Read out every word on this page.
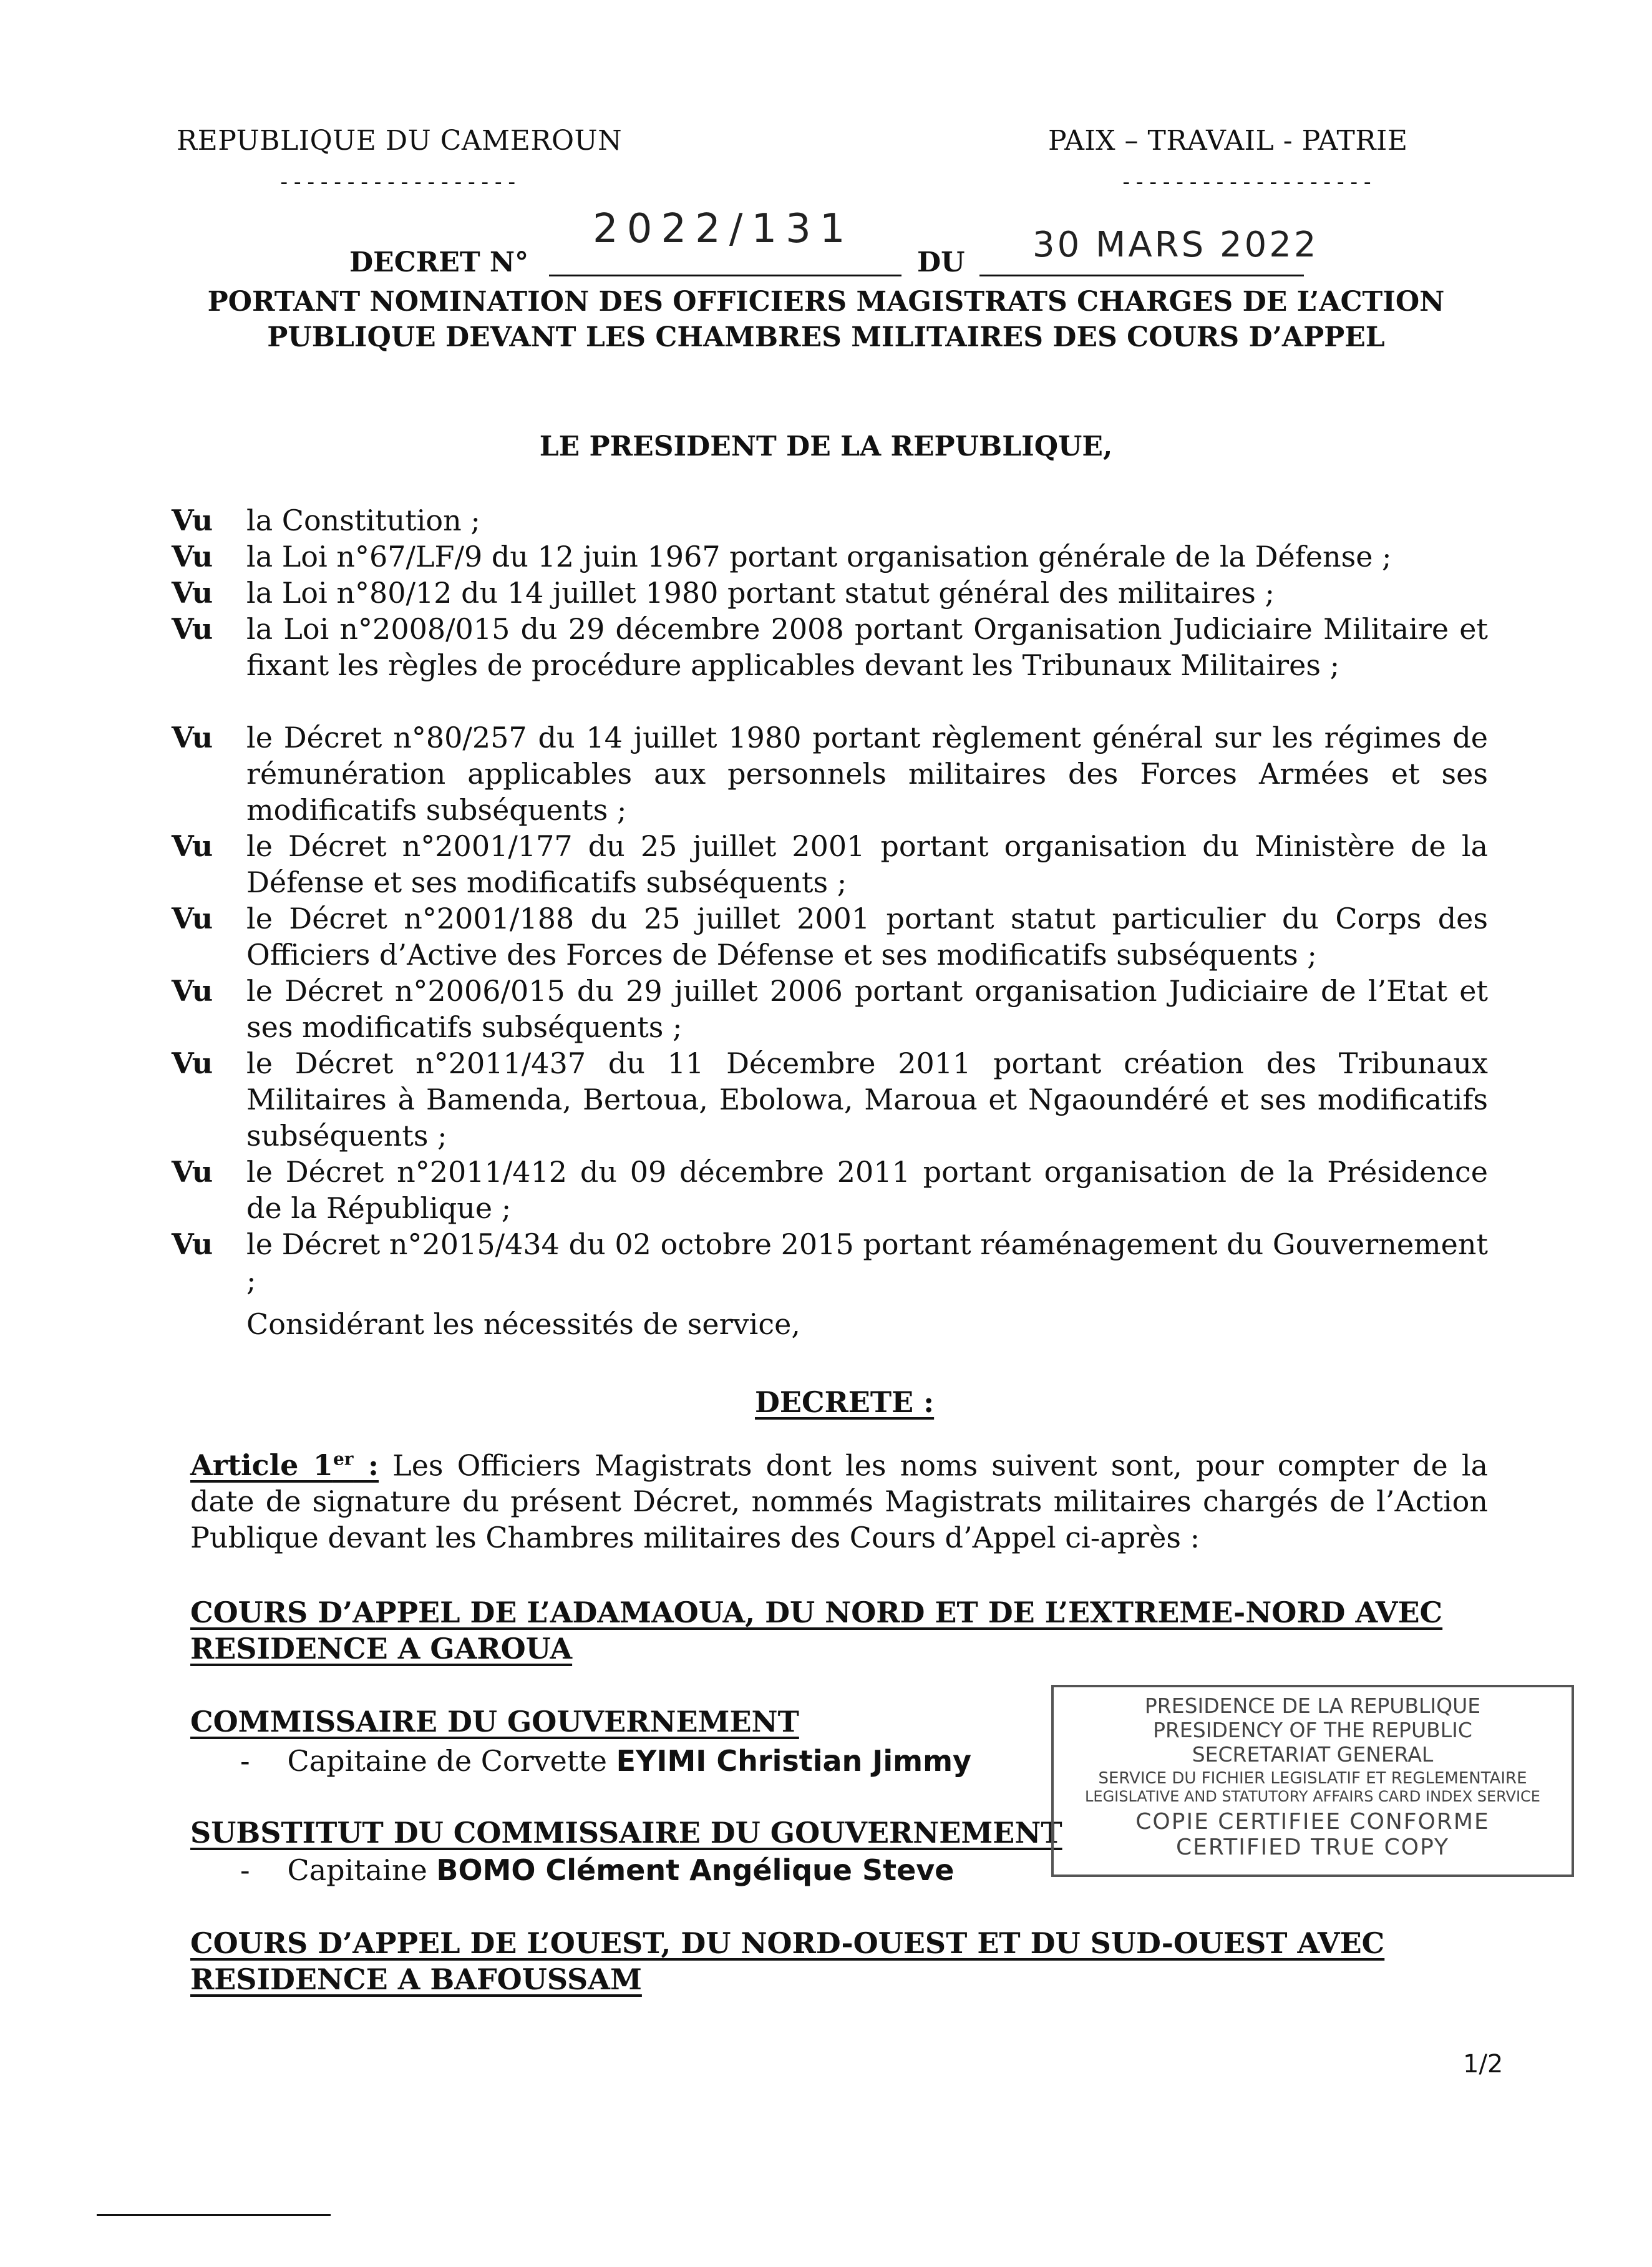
REPUBLIQUE DU CAMEROUN
------------------
PAIX – TRAVAIL - PATRIE
-------------------
DECRET N°
2022/131
DU 30 MARS 2022
PORTANT NOMINATION DES OFFICIERS MAGISTRATS CHARGES DE L’ACTION
PUBLIQUE DEVANT LES CHAMBRES MILITAIRES DES COURS D’APPEL
LE PRESIDENT DE LA REPUBLIQUE,
Vu	la Constitution ;
Vu	la Loi n°67/LF/9 du 12 juin 1967 portant organisation générale de la Défense ;
Vu	la Loi n°80/12 du 14 juillet 1980 portant statut général des militaires ;
Vu	la Loi n°2008/015 du 29 décembre 2008 portant Organisation Judiciaire Militaire et fixant les règles de procédure applicables devant les Tribunaux Militaires ;
Vu	le Décret n°80/257 du 14 juillet 1980 portant règlement général sur les régimes de rémunération applicables aux personnels militaires des Forces Armées et ses modificatifs subséquents ;
Vu	le Décret n°2001/177 du 25 juillet 2001 portant organisation du Ministère de la Défense et ses modificatifs subséquents ;
Vu	le Décret n°2001/188 du 25 juillet 2001 portant statut particulier du Corps des Officiers d’Active des Forces de Défense et ses modificatifs subséquents ;
Vu	le Décret n°2006/015 du 29 juillet 2006 portant organisation Judiciaire de l’Etat et ses modificatifs subséquents ;
Vu	le Décret n°2011/437 du 11 Décembre 2011 portant création des Tribunaux Militaires à Bamenda, Bertoua, Ebolowa, Maroua et Ngaoundéré et ses modificatifs subséquents ;
Vu	le Décret n°2011/412 du 09 décembre 2011 portant organisation de la Présidence de la République ;
Vu	le Décret n°2015/434 du 02 octobre 2015 portant réaménagement du Gouvernement ;
Considérant les nécessités de service,
DECRETE :
Article 1er : Les Officiers Magistrats dont les noms suivent sont, pour compter de la date de signature du présent Décret, nommés Magistrats militaires chargés de l’Action Publique devant les Chambres militaires des Cours d’Appel ci-après :
COURS D’APPEL DE L’ADAMAOUA, DU NORD ET DE L’EXTREME-NORD AVEC
RESIDENCE A GAROUA
COMMISSAIRE DU GOUVERNEMENT
- Capitaine de Corvette EYIMI Christian Jimmy
SUBSTITUT DU COMMISSAIRE DU GOUVERNEMENT
- Capitaine BOMO Clément Angélique Steve
COURS D’APPEL DE L’OUEST, DU NORD-OUEST ET DU SUD-OUEST AVEC
RESIDENCE A BAFOUSSAM
PRESIDENCE DE LA REPUBLIQUE
PRESIDENCY OF THE REPUBLIC
SECRETARIAT GENERAL
SERVICE DU FICHIER LEGISLATIF ET REGLEMENTAIRE
LEGISLATIVE AND STATUTORY AFFAIRS CARD INDEX SERVICE
COPIE CERTIFIEE CONFORME
CERTIFIED TRUE COPY
1/2
